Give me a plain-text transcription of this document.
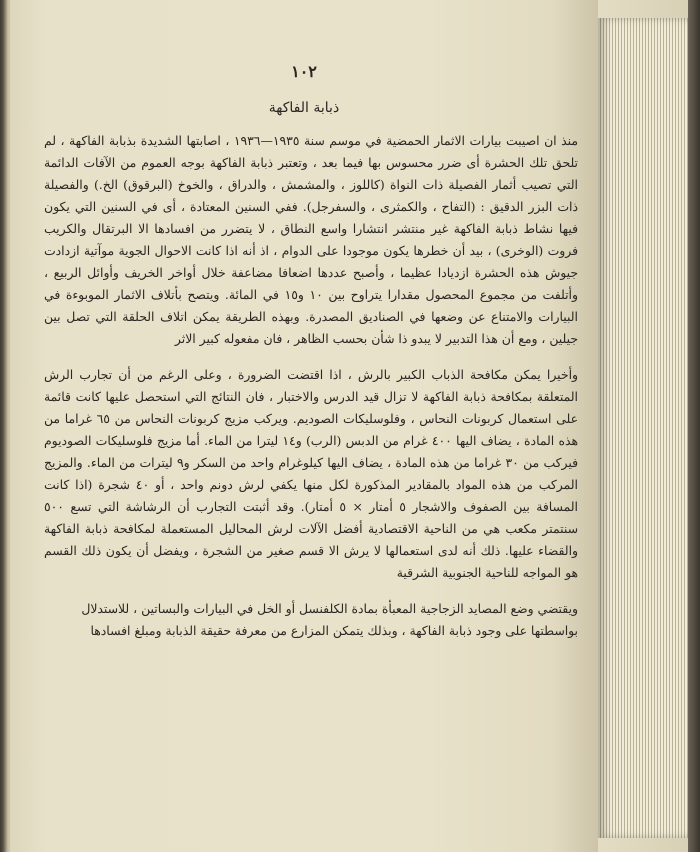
١٠٢
ذبابة الفاكهة

منذ ان اصيبت بيارات الاثمار الحمضية في موسم سنة ١٩٣٥—١٩٣٦ ، اصابتها الشديدة بذبابة الفاكهة ، لم تلحق تلك الحشرة أى ضرر محسوس بها فيما بعد ، وتعتبر ذبابة الفاكهة بوجه العموم من الآفات الدائمة التي تصيب أثمار الفصيلة ذات النواة (كاللوز ، والمشمش ، والدراق ، والخوخ (البرقوق) الخ.) والفصيلة ذات البزر الدقيق : (التفاح ، والكمثرى ، والسفرجل). ففي السنين المعتادة ، أى في السنين التي يكون فيها نشاط ذبابة الفاكهة غير منتشر انتشارا واسع النطاق ، لا يتضرر من افسادها الا البرتقال والكريب فروت (الوخرى) ، بيد أن خطرها يكون موجودا على الدوام ، اذ أنه اذا كانت الاحوال الجوية موآتية ازدادت جيوش هذه الحشرة ازديادا عظيما ، وأصبح عددها اضعافا مضاعفة خلال أواخر الخريف وأوائل الربيع ، وأتلفت من مجموع المحصول مقدارا يتراوح بين ١٠ و١٥ في المائة. ويتصح بأتلاف الاثمار الموبوءة في البيارات والامتناع عن وضعها في الصناديق المصدرة. وبهذه الطريقة يمكن اتلاف الحلقة التي تصل بين جيلين ، ومع أن هذا التدبير لا يبدو ذا شأن بحسب الظاهر ، فان مفعوله كبير الاثر

وأخيرا يمكن مكافحة الذباب الكبير بالرش ، اذا اقتضت الضرورة ، وعلى الرغم من أن تجارب الرش المتعلقة بمكافحة ذبابة الفاكهة لا تزال قيد الدرس والاختبار ، فان النتائج التي استحصل عليها كانت قائمة على استعمال كربونات النحاس ، وفلوسليكات الصوديم. ويركب مزيج كربونات النحاس من ٦٥ غراما من هذه المادة ، يضاف اليها ٤٠٠ غرام من الدبس (الرب) و١٤ ليترا من الماء. أما مزيج فلوسليكات الصوديوم فيركب من ٣٠ غراما من هذه المادة ، يضاف اليها كيلوغرام واحد من السكر و٩ ليترات من الماء. والمزيج المركب من هذه المواد بالمقادير المذكورة لكل منها يكفي لرش دونم واحد ، أو ٤٠ شجرة (اذا كانت المسافة بين الصفوف والاشجار ٥ أمتار × ٥ أمتار). وقد أثبتت التجارب أن الرشاشة التي تسع ٥٠٠ سنتمتر مكعب هي من الناحية الاقتصادية أفضل الآلات لرش المحاليل المستعملة لمكافحة ذبابة الفاكهة والقضاء عليها. ذلك أنه لدى استعمالها لا يرش الا قسم صغير من الشجرة ، ويفضل أن يكون ذلك القسم هو المواجه للناحية الجنوبية الشرقية

ويقتضي وضع المصايد الزجاجية المعبأة بمادة الكلفنسل أو الخل في البيارات والبساتين ، للاستدلال بواسطتها على وجود ذبابة الفاكهة ، وبذلك يتمكن المزارع من معرفة حقيقة الذبابة ومبلغ افسادها
